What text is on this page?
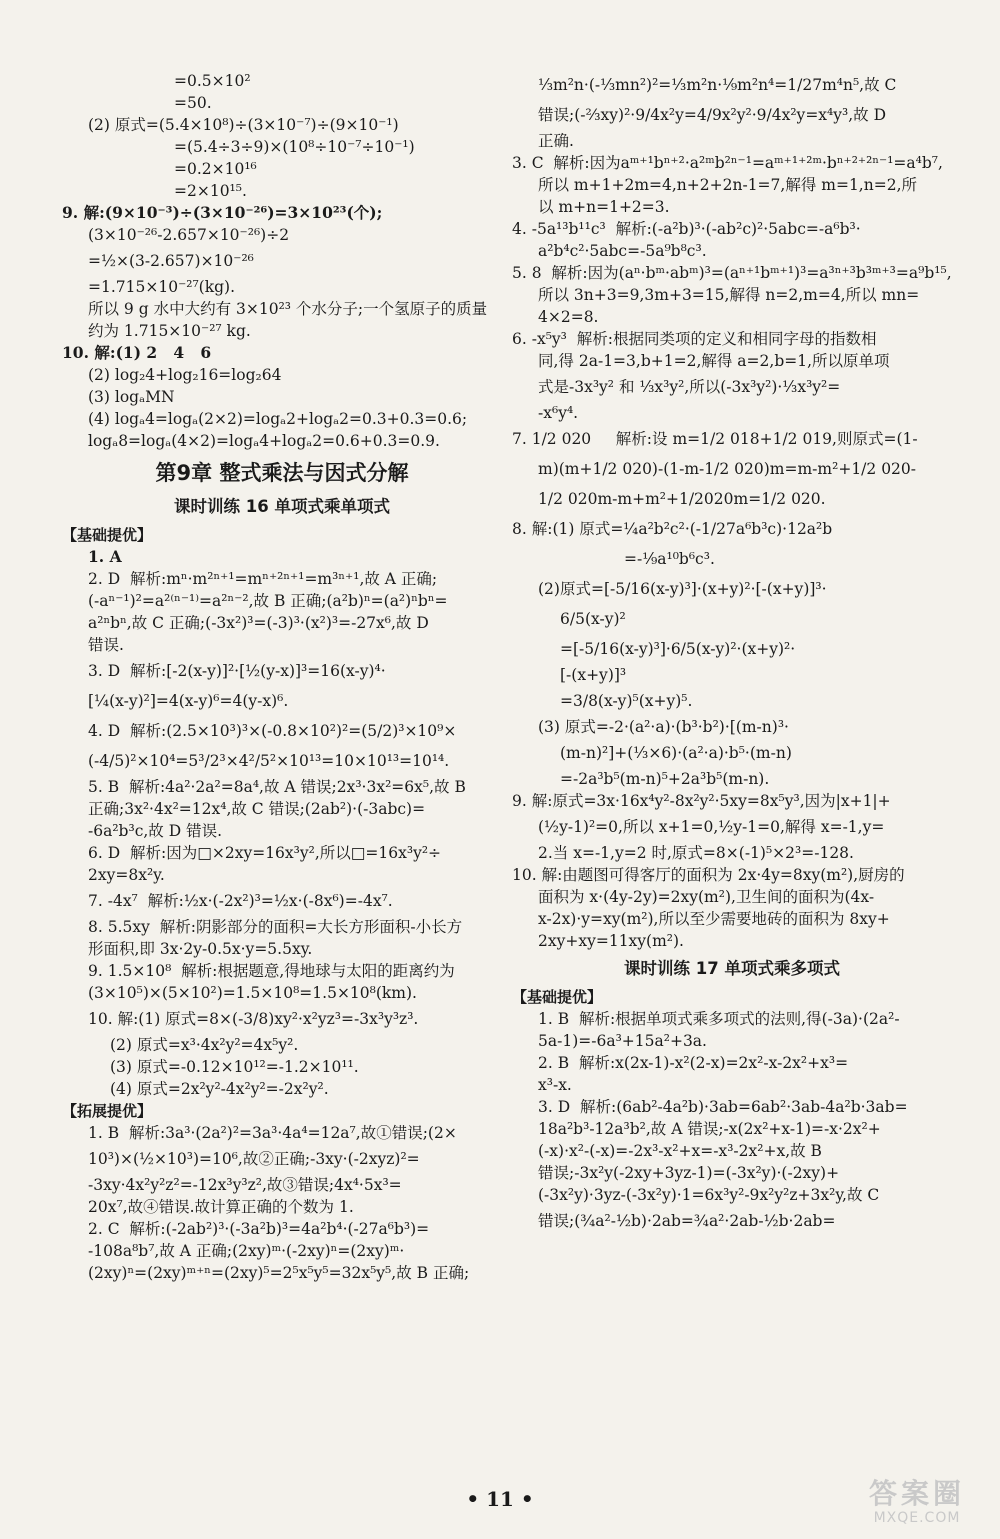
=0.5×10²
=50.
(2) 原式=(5.4×10⁸)÷(3×10⁻⁷)÷(9×10⁻¹)
=(5.4÷3÷9)×(10⁸÷10⁻⁷÷10⁻¹)
=0.2×10¹⁶
=2×10¹⁵.
9. 解:(9×10⁻³)÷(3×10⁻²⁶)=3×10²³(个);
(3×10⁻²⁶-2.657×10⁻²⁶)÷2
=½×(3-2.657)×10⁻²⁶
=1.715×10⁻²⁷(kg).
所以 9 g 水中大约有 3×10²³ 个水分子;一个氢原子的质量
约为 1.715×10⁻²⁷ kg.
10. 解:(1) 2   4   6
(2) log₂4+log₂16=log₂64
(3) logₐMN
(4) logₐ4=logₐ(2×2)=logₐ2+logₐ2=0.3+0.3=0.6;
logₐ8=logₐ(4×2)=logₐ4+logₐ2=0.6+0.3=0.9.
第9章 整式乘法与因式分解
课时训练 16 单项式乘单项式
【基础提优】
1. A
2. D  解析:mⁿ·m²ⁿ⁺¹=mⁿ⁺²ⁿ⁺¹=m³ⁿ⁺¹,故 A 正确;
(-aⁿ⁻¹)²=a²⁽ⁿ⁻¹⁾=a²ⁿ⁻²,故 B 正确;(a²b)ⁿ=(a²)ⁿbⁿ=
a²ⁿbⁿ,故 C 正确;(-3x²)³=(-3)³·(x²)³=-27x⁶,故 D
错误.
3. D  解析:[-2(x-y)]²·[½(y-x)]³=16(x-y)⁴·
[¼(x-y)²]=4(x-y)⁶=4(y-x)⁶.
4. D  解析:(2.5×10³)³×(-0.8×10²)²=(5/2)³×10⁹×
(-4/5)²×10⁴=5³/2³×4²/5²×10¹³=10×10¹³=10¹⁴.
5. B  解析:4a²·2a²=8a⁴,故 A 错误;2x³·3x²=6x⁵,故 B
正确;3x²·4x²=12x⁴,故 C 错误;(2ab²)·(-3abc)=
-6a²b³c,故 D 错误.
6. D  解析:因为□×2xy=16x³y²,所以□=16x³y²÷
2xy=8x²y.
7. -4x⁷  解析:½x·(-2x²)³=½x·(-8x⁶)=-4x⁷.
8. 5.5xy  解析:阴影部分的面积=大长方形面积-小长方
形面积,即 3x·2y-0.5x·y=5.5xy.
9. 1.5×10⁸  解析:根据题意,得地球与太阳的距离约为
(3×10⁵)×(5×10²)=1.5×10⁸=1.5×10⁸(km).
10. 解:(1) 原式=8×(-3/8)xy²·x²yz³=-3x³y³z³.
(2) 原式=x³·4x²y²=4x⁵y².
(3) 原式=-0.12×10¹²=-1.2×10¹¹.
(4) 原式=2x²y²-4x²y²=-2x²y².
【拓展提优】
1. B  解析:3a³·(2a²)²=3a³·4a⁴=12a⁷,故①错误;(2×
10³)×(½×10³)=10⁶,故②正确;-3xy·(-2xyz)²=
-3xy·4x²y²z²=-12x³y³z²,故③错误;4x⁴·5x³=
20x⁷,故④错误.故计算正确的个数为 1.
2. C  解析:(-2ab²)³·(-3a²b)³=4a²b⁴·(-27a⁶b³)=
-108a⁸b⁷,故 A 正确;(2xy)ᵐ·(-2xy)ⁿ=(2xy)ᵐ·
(2xy)ⁿ=(2xy)ᵐ⁺ⁿ=(2xy)⁵=2⁵x⁵y⁵=32x⁵y⁵,故 B 正确;
⅓m²n·(-⅓mn²)²=⅓m²n·⅑m²n⁴=1/27m⁴n⁵,故 C
错误;(-⅔xy)²·9/4x²y=4/9x²y²·9/4x²y=x⁴y³,故 D
正确.
3. C  解析:因为aᵐ⁺¹bⁿ⁺²·a²ᵐb²ⁿ⁻¹=aᵐ⁺¹⁺²ᵐ·bⁿ⁺²⁺²ⁿ⁻¹=a⁴b⁷,
所以 m+1+2m=4,n+2+2n-1=7,解得 m=1,n=2,所
以 m+n=1+2=3.
4. -5a¹³b¹¹c³  解析:(-a²b)³·(-ab²c)²·5abc=-a⁶b³·
a²b⁴c²·5abc=-5a⁹b⁸c³.
5. 8  解析:因为(aⁿ·bᵐ·abᵐ)³=(aⁿ⁺¹bᵐ⁺¹)³=a³ⁿ⁺³b³ᵐ⁺³=a⁹b¹⁵,
所以 3n+3=9,3m+3=15,解得 n=2,m=4,所以 mn=
4×2=8.
6. -x⁵y³  解析:根据同类项的定义和相同字母的指数相
同,得 2a-1=3,b+1=2,解得 a=2,b=1,所以原单项
式是-3x³y² 和 ⅓x³y²,所以(-3x³y²)·⅓x³y²=
-x⁶y⁴.
7. 1/2 020     解析:设 m=1/2 018+1/2 019,则原式=(1-
m)(m+1/2 020)-(1-m-1/2 020)m=m-m²+1/2 020-
1/2 020m-m+m²+1/2020m=1/2 020.
8. 解:(1) 原式=¼a²b²c²·(-1/27a⁶b³c)·12a²b
=-⅑a¹⁰b⁶c³.
(2)原式=[-5/16(x-y)³]·(x+y)²·[-(x+y)]³·
6/5(x-y)²
=[-5/16(x-y)³]·6/5(x-y)²·(x+y)²·
[-(x+y)]³
=3/8(x-y)⁵(x+y)⁵.
(3) 原式=-2·(a²·a)·(b³·b²)·[(m-n)³·
(m-n)²]+(⅓×6)·(a²·a)·b⁵·(m-n)
=-2a³b⁵(m-n)⁵+2a³b⁵(m-n).
9. 解:原式=3x·16x⁴y²-8x²y²·5xy=8x⁵y³,因为|x+1|+
(½y-1)²=0,所以 x+1=0,½y-1=0,解得 x=-1,y=
2.当 x=-1,y=2 时,原式=8×(-1)⁵×2³=-128.
10. 解:由题图可得客厅的面积为 2x·4y=8xy(m²),厨房的
面积为 x·(4y-2y)=2xy(m²),卫生间的面积为(4x-
x-2x)·y=xy(m²),所以至少需要地砖的面积为 8xy+
2xy+xy=11xy(m²).
课时训练 17 单项式乘多项式
【基础提优】
1. B  解析:根据单项式乘多项式的法则,得(-3a)·(2a²-
5a-1)=-6a³+15a²+3a.
2. B  解析:x(2x-1)-x²(2-x)=2x²-x-2x²+x³=
x³-x.
3. D  解析:(6ab²-4a²b)·3ab=6ab²·3ab-4a²b·3ab=
18a²b³-12a³b²,故 A 错误;-x(2x²+x-1)=-x·2x²+
(-x)·x²-(-x)=-2x³-x²+x=-x³-2x²+x,故 B
错误;-3x²y(-2xy+3yz-1)=(-3x²y)·(-2xy)+
(-3x²y)·3yz-(-3x²y)·1=6x³y²-9x²y²z+3x²y,故 C
错误;(¾a²-½b)·2ab=¾a²·2ab-½b·2ab=
• 11 •	答案圈
MXQE.COM
